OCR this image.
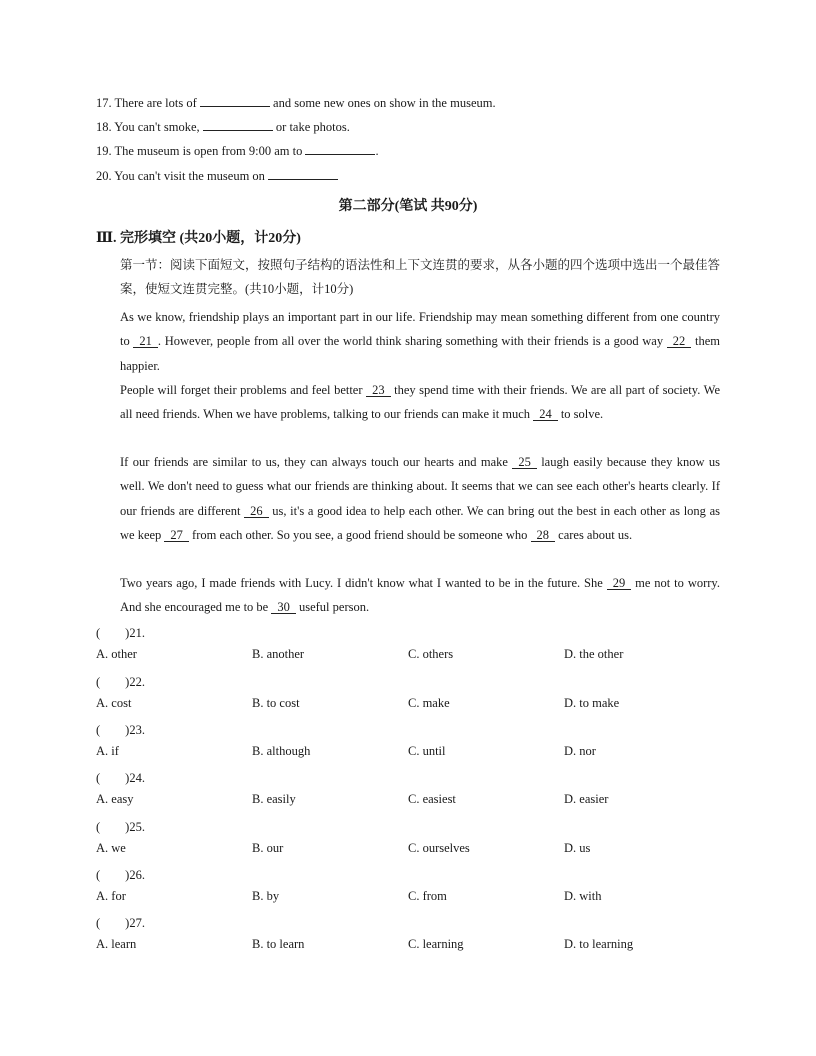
17. There are lots of	and some new ones on show in the museum.
18. You can't smoke,	or take photos.
19. The museum is open from 9:00 am to	.
20. You can't visit the museum on
第二部分(笔试 共90分)
Ⅲ. 完形填空 (共20小题，计20分)
第一节：阅读下面短文，按照句子结构的语法性和上下文连贯的要求，从各小题的四个选项中选出一个最佳答案，使短文连贯完整。(共10小题，计10分)
As we know, friendship plays an important part in our life. Friendship may mean something different from one country to 21 . However, people from all over the world think sharing something with their friends is a good way 22 them happier.
People will forget their problems and feel better 23 they spend time with their friends. We are all part of society. We all need friends. When we have problems, talking to our friends can make it much 24 to solve.
If our friends are similar to us, they can always touch our hearts and make 25 laugh easily because they know us well. We don't need to guess what our friends are thinking about. It seems that we can see each other's hearts clearly. If our friends are different 26 us, it's a good idea to help each other. We can bring out the best in each other as long as we keep 27 from each other. So you see, a good friend should be someone who 28 cares about us.
Two years ago, I made friends with Lucy. I didn't know what I wanted to be in the future. She 29 me not to worry. And she encouraged me to be 30 useful person.
(　　)21.
A. other	B. another	C. others	D. the other
(　　)22.
A. cost	B. to cost	C. make	D. to make
(　　)23.
A. if	B. although	C. until	D. nor
(　　)24.
A. easy	B. easily	C. easiest	D. easier
(　　)25.
A. we	B. our	C. ourselves	D. us
(　　)26.
A. for	B. by	C. from	D. with
(　　)27.
A. learn	B. to learn	C. learning	D. to learning
